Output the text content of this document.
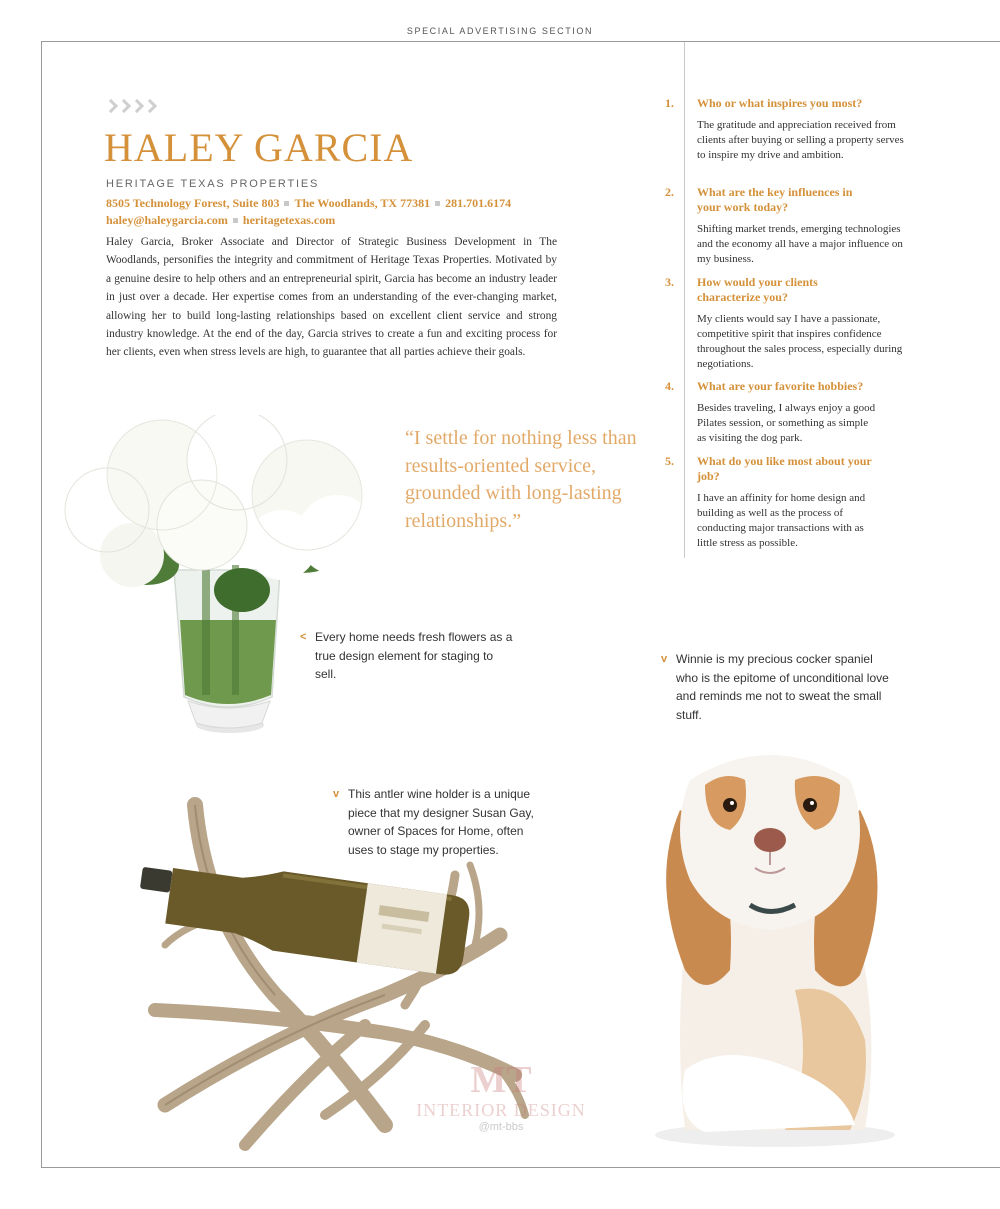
SPECIAL ADVERTISING SECTION
HALEY GARCIA
HERITAGE TEXAS PROPERTIES
8505 Technology Forest, Suite 803 The Woodlands, TX 77381 281.701.6174
haley@haleygarcia.com heritagetexas.com

Haley Garcia, Broker Associate and Director of Strategic Business Development in The Woodlands, personifies the integrity and commitment of Heritage Texas Properties. Motivated by a genuine desire to help others and an entrepreneurial spirit, Garcia has become an industry leader in just over a decade. Her expertise comes from an understanding of the ever-changing market, allowing her to build long-lasting relationships based on excellent client service and strong industry knowledge. At the end of the day, Garcia strives to create a fun and exciting process for her clients, even when stress levels are high, to guarantee that all parties achieve their goals.

“I settle for nothing less than results-oriented service, grounded with long-lasting relationships.”
1.	Who or what inspires you most?
The gratitude and appreciation received from clients after buying or selling a property serves to inspire my drive and ambition.
2.	What are the key influences in your work today?
Shifting market trends, emerging technologies and the economy all have a major influence on my business.
3.	How would your clients characterize you?
My clients would say I have a passionate, competitive spirit that inspires confidence throughout the sales process, especially during negotiations.
4.	What are your favorite hobbies?
Besides traveling, I always enjoy a good Pilates session, or something as simple as visiting the dog park.
5.	What do you like most about your job?
I have an affinity for home design and building as well as the process of conducting major transactions with as little stress as possible.
< Every home needs fresh flowers as a true design element for staging to sell.
v Winnie is my precious cocker spaniel who is the epitome of unconditional love and reminds me not to sweat the small stuff.
v This antler wine holder is a unique piece that my designer Susan Gay, owner of Spaces for Home, often uses to stage my properties.
MT
INTERIOR DESIGN
@mt-bbs
